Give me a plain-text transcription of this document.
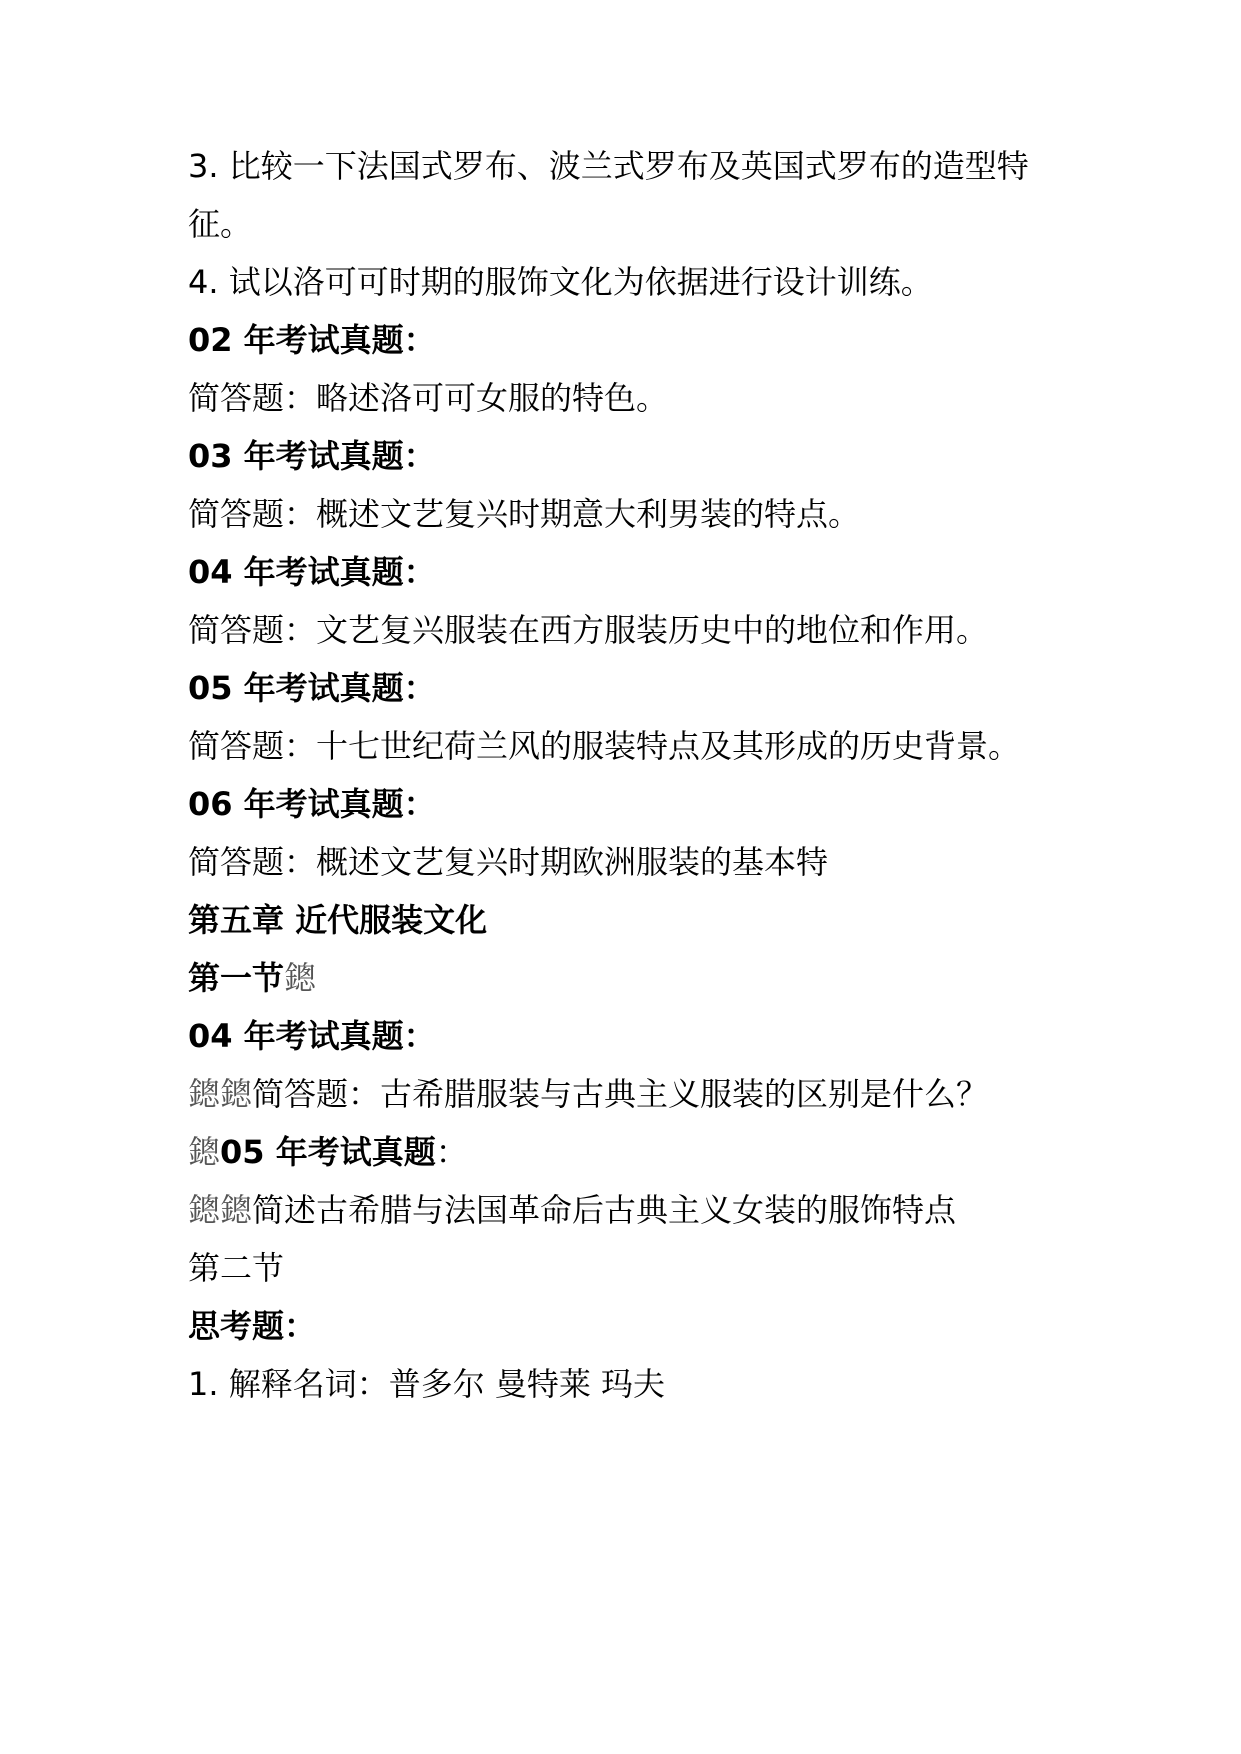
3. 比较一下法国式罗布、波兰式罗布及英国式罗布的造型特
征。
4. 试以洛可可时期的服饰文化为依据进行设计训练。
02 年考试真题：
简答题：略述洛可可女服的特色。
03 年考试真题：
简答题：概述文艺复兴时期意大利男装的特点。
04 年考试真题：
简答题：文艺复兴服装在西方服装历史中的地位和作用。
05 年考试真题：
简答题：十七世纪荷兰风的服装特点及其形成的历史背景。
06 年考试真题：
简答题：概述文艺复兴时期欧洲服装的基本特
第五章 近代服装文化
第一节鏓
04 年考试真题：
鏓鏓简答题：古希腊服装与古典主义服装的区别是什么？
鏓05 年考试真题：
鏓鏓简述古希腊与法国革命后古典主义女装的服饰特点
第二节
思考题：
1. 解释名词：普多尔 曼特莱 玛夫
